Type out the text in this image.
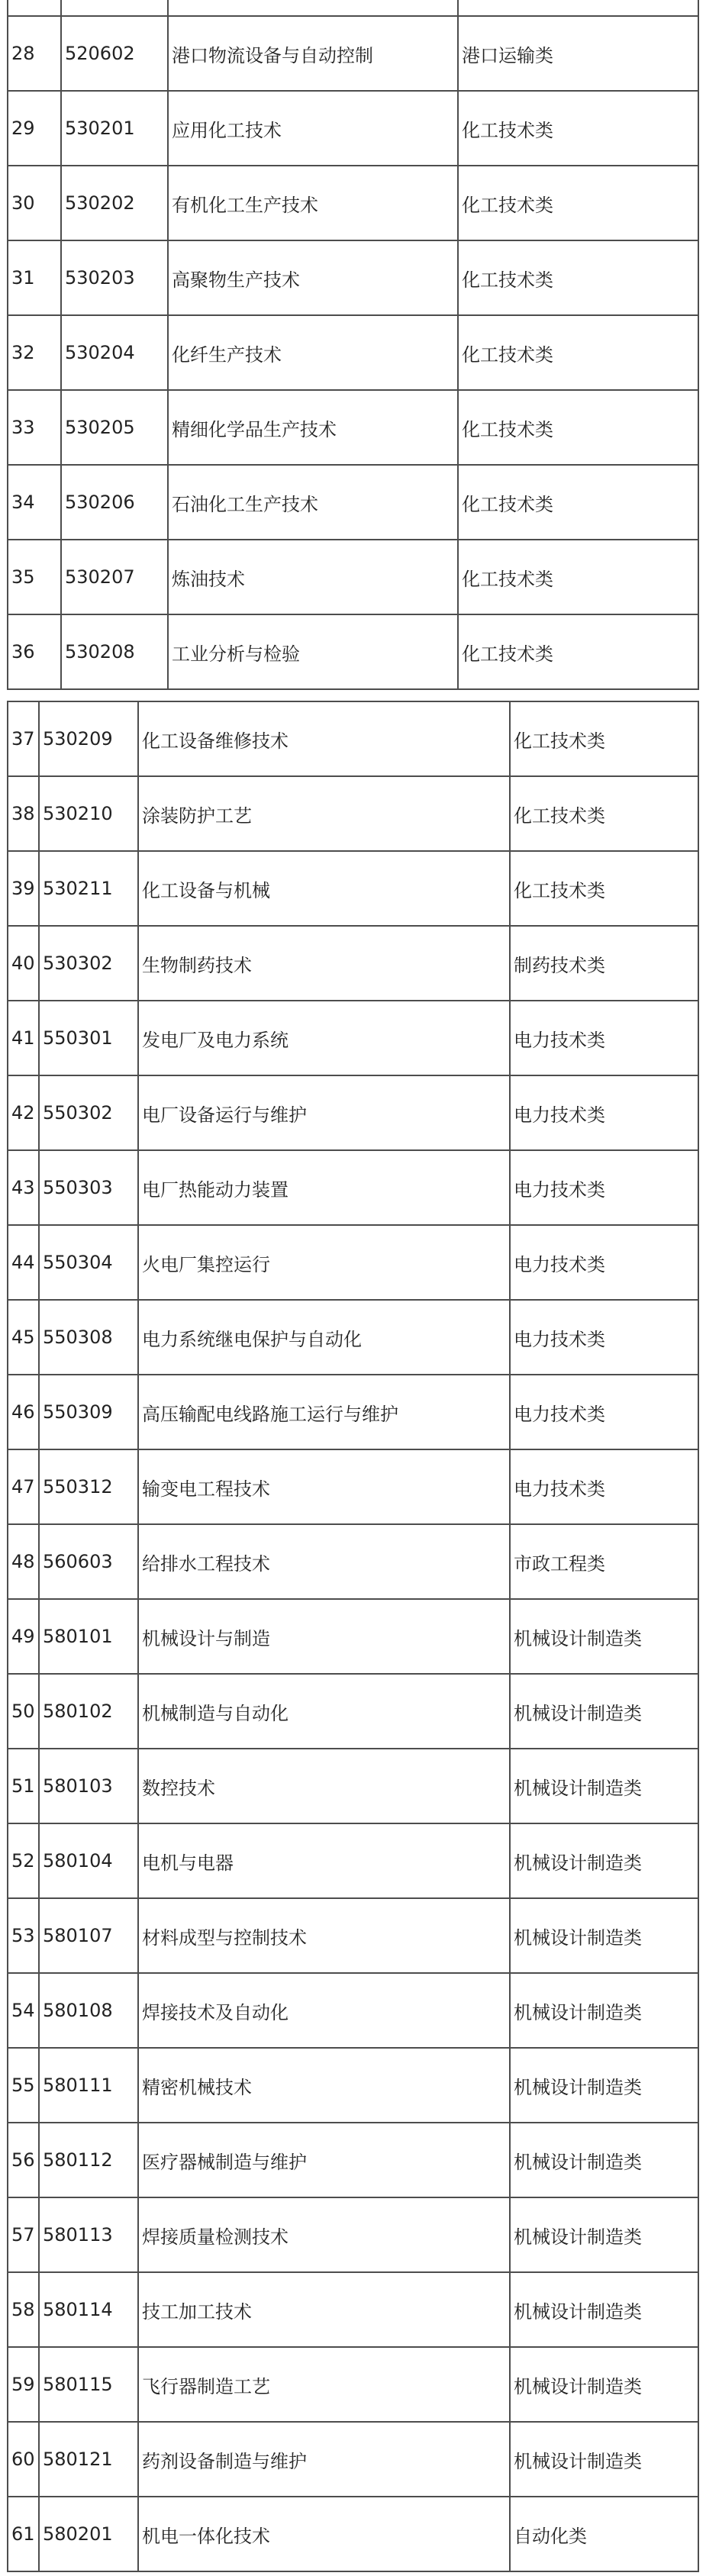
28	520602	港口物流设备与自动控制	港口运输类
29	530201	应用化工技术	化工技术类
30	530202	有机化工生产技术	化工技术类
31	530203	高聚物生产技术	化工技术类
32	530204	化纤生产技术	化工技术类
33	530205	精细化学品生产技术	化工技术类
34	530206	石油化工生产技术	化工技术类
35	530207	炼油技术	化工技术类
36	530208	工业分析与检验	化工技术类
37	530209	化工设备维修技术	化工技术类
38	530210	涂装防护工艺	化工技术类
39	530211	化工设备与机械	化工技术类
40	530302	生物制药技术	制药技术类
41	550301	发电厂及电力系统	电力技术类
42	550302	电厂设备运行与维护	电力技术类
43	550303	电厂热能动力装置	电力技术类
44	550304	火电厂集控运行	电力技术类
45	550308	电力系统继电保护与自动化	电力技术类
46	550309	高压输配电线路施工运行与维护	电力技术类
47	550312	输变电工程技术	电力技术类
48	560603	给排水工程技术	市政工程类
49	580101	机械设计与制造	机械设计制造类
50	580102	机械制造与自动化	机械设计制造类
51	580103	数控技术	机械设计制造类
52	580104	电机与电器	机械设计制造类
53	580107	材料成型与控制技术	机械设计制造类
54	580108	焊接技术及自动化	机械设计制造类
55	580111	精密机械技术	机械设计制造类
56	580112	医疗器械制造与维护	机械设计制造类
57	580113	焊接质量检测技术	机械设计制造类
58	580114	技工加工技术	机械设计制造类
59	580115	飞行器制造工艺	机械设计制造类
60	580121	药剂设备制造与维护	机械设计制造类
61	580201	机电一体化技术	自动化类
